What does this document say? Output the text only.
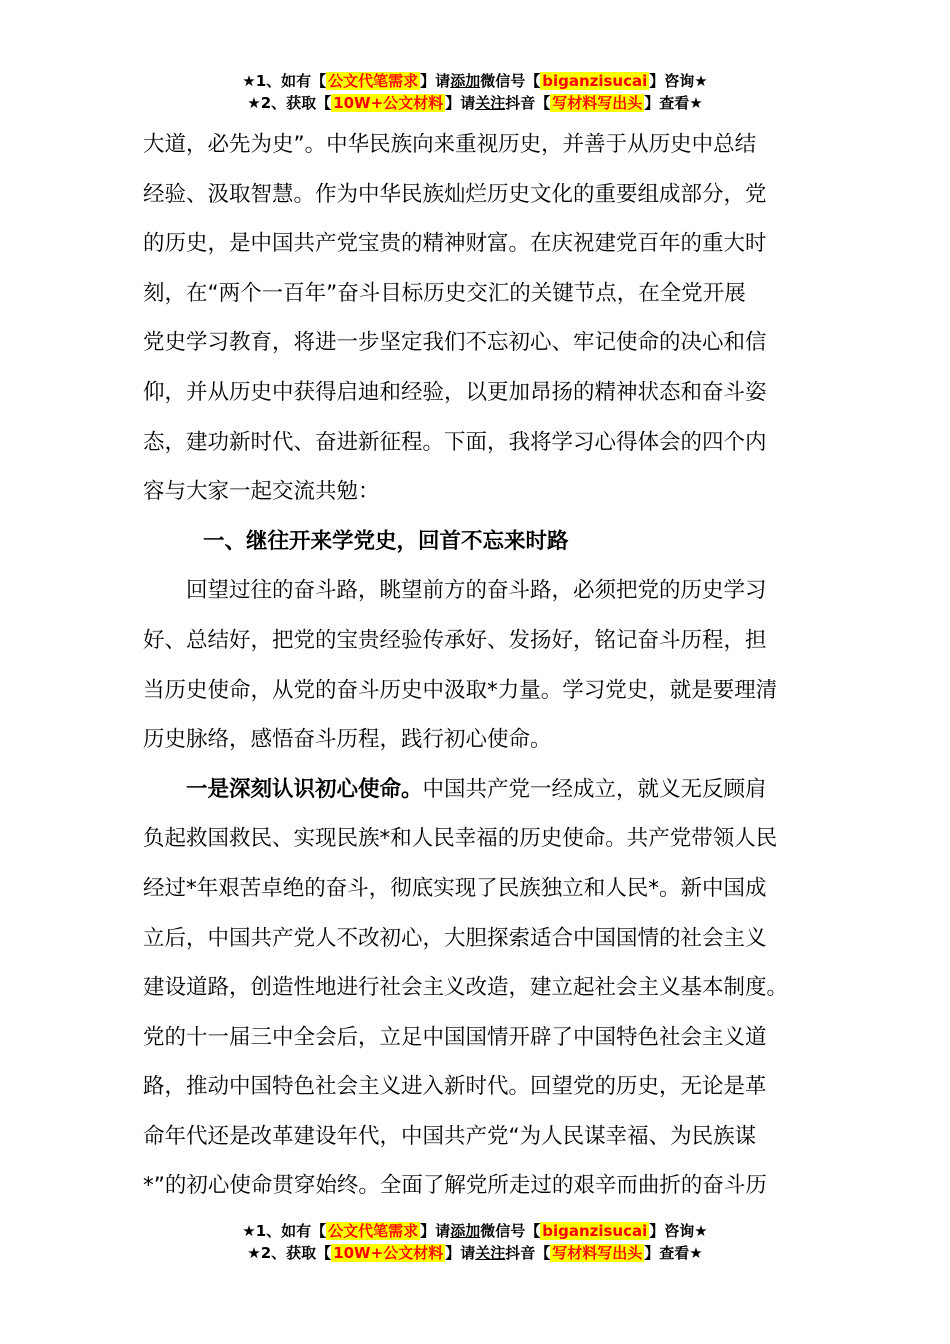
★1、如有【 公文代笔需求 】请添加微信号【 biganzisucai 】咨询★
★2、获取【 10W+公文材料 】请关注抖音【 写材料写出头 】查看★

大道，必先为史”。中华民族向来重视历史，并善于从历史中总结

经验、汲取智慧。作为中华民族灿烂历史文化的重要组成部分，党

的历史，是中国共产党宝贵的精神财富。在庆祝建党百年的重大时

刻，在“两个一百年”奋斗目标历史交汇的关键节点，在全党开展

党史学习教育，将进一步坚定我们不忘初心、牢记使命的决心和信

仰，并从历史中获得启迪和经验，以更加昂扬的精神状态和奋斗姿

态，建功新时代、奋进新征程。下面，我将学习心得体会的四个内

容与大家一起交流共勉：

一、继往开来学党史，回首不忘来时路

回望过往的奋斗路，眺望前方的奋斗路，必须把党的历史学习

好、总结好，把党的宝贵经验传承好、发扬好，铭记奋斗历程，担

当历史使命，从党的奋斗历史中汲取*力量。学习党史，就是要理清

历史脉络，感悟奋斗历程，践行初心使命。

一是深刻认识初心使命。中国共产党一经成立，就义无反顾肩

负起救国救民、实现民族*和人民幸福的历史使命。共产党带领人民

经过*年艰苦卓绝的奋斗，彻底实现了民族独立和人民*。新中国成

立后，中国共产党人不改初心，大胆探索适合中国国情的社会主义

建设道路，创造性地进行社会主义改造，建立起社会主义基本制度。

党的十一届三中全会后，立足中国国情开辟了中国特色社会主义道

路，推动中国特色社会主义进入新时代。回望党的历史，无论是革

命年代还是改革建设年代，中国共产党“为人民谋幸福、为民族谋

*”的初心使命贯穿始终。全面了解党所走过的艰辛而曲折的奋斗历

★1、如有【 公文代笔需求 】请添加微信号【 biganzisucai 】咨询★
★2、获取【 10W+公文材料 】请关注抖音【 写材料写出头 】查看★
